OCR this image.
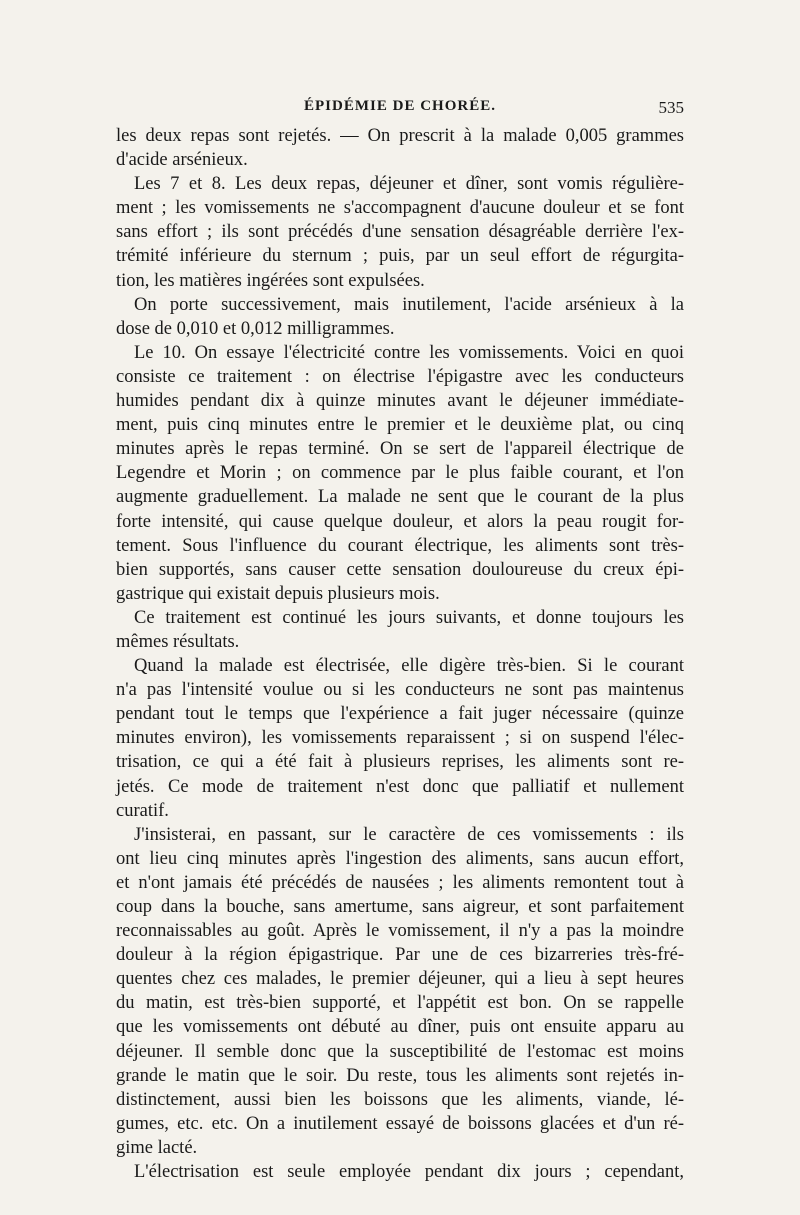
ÉPIDÉMIE DE CHORÉE.	535
les deux repas sont rejetés. — On prescrit à la malade 0,005 grammes
d'acide arsénieux.
Les 7 et 8. Les deux repas, déjeuner et dîner, sont vomis régulière-
ment ; les vomissements ne s'accompagnent d'aucune douleur et se font
sans effort ; ils sont précédés d'une sensation désagréable derrière l'ex-
trémité inférieure du sternum ; puis, par un seul effort de régurgita-
tion, les matières ingérées sont expulsées.
On porte successivement, mais inutilement, l'acide arsénieux à la
dose de 0,010 et 0,012 milligrammes.
Le 10. On essaye l'électricité contre les vomissements. Voici en quoi
consiste ce traitement : on électrise l'épigastre avec les conducteurs
humides pendant dix à quinze minutes avant le déjeuner immédiate-
ment, puis cinq minutes entre le premier et le deuxième plat, ou cinq
minutes après le repas terminé. On se sert de l'appareil électrique de
Legendre et Morin ; on commence par le plus faible courant, et l'on
augmente graduellement. La malade ne sent que le courant de la plus
forte intensité, qui cause quelque douleur, et alors la peau rougit for-
tement. Sous l'influence du courant électrique, les aliments sont très-
bien supportés, sans causer cette sensation douloureuse du creux épi-
gastrique qui existait depuis plusieurs mois.
Ce traitement est continué les jours suivants, et donne toujours les
mêmes résultats.
Quand la malade est électrisée, elle digère très-bien. Si le courant
n'a pas l'intensité voulue ou si les conducteurs ne sont pas maintenus
pendant tout le temps que l'expérience a fait juger nécessaire (quinze
minutes environ), les vomissements reparaissent ; si on suspend l'élec-
trisation, ce qui a été fait à plusieurs reprises, les aliments sont re-
jetés. Ce mode de traitement n'est donc que palliatif et nullement
curatif.
J'insisterai, en passant, sur le caractère de ces vomissements : ils
ont lieu cinq minutes après l'ingestion des aliments, sans aucun effort,
et n'ont jamais été précédés de nausées ; les aliments remontent tout à
coup dans la bouche, sans amertume, sans aigreur, et sont parfaitement
reconnaissables au goût. Après le vomissement, il n'y a pas la moindre
douleur à la région épigastrique. Par une de ces bizarreries très-fré-
quentes chez ces malades, le premier déjeuner, qui a lieu à sept heures
du matin, est très-bien supporté, et l'appétit est bon. On se rappelle
que les vomissements ont débuté au dîner, puis ont ensuite apparu au
déjeuner. Il semble donc que la susceptibilité de l'estomac est moins
grande le matin que le soir. Du reste, tous les aliments sont rejetés in-
distinctement, aussi bien les boissons que les aliments, viande, lé-
gumes, etc. etc. On a inutilement essayé de boissons glacées et d'un ré-
gime lacté.
L'électrisation est seule employée pendant dix jours ; cependant,
